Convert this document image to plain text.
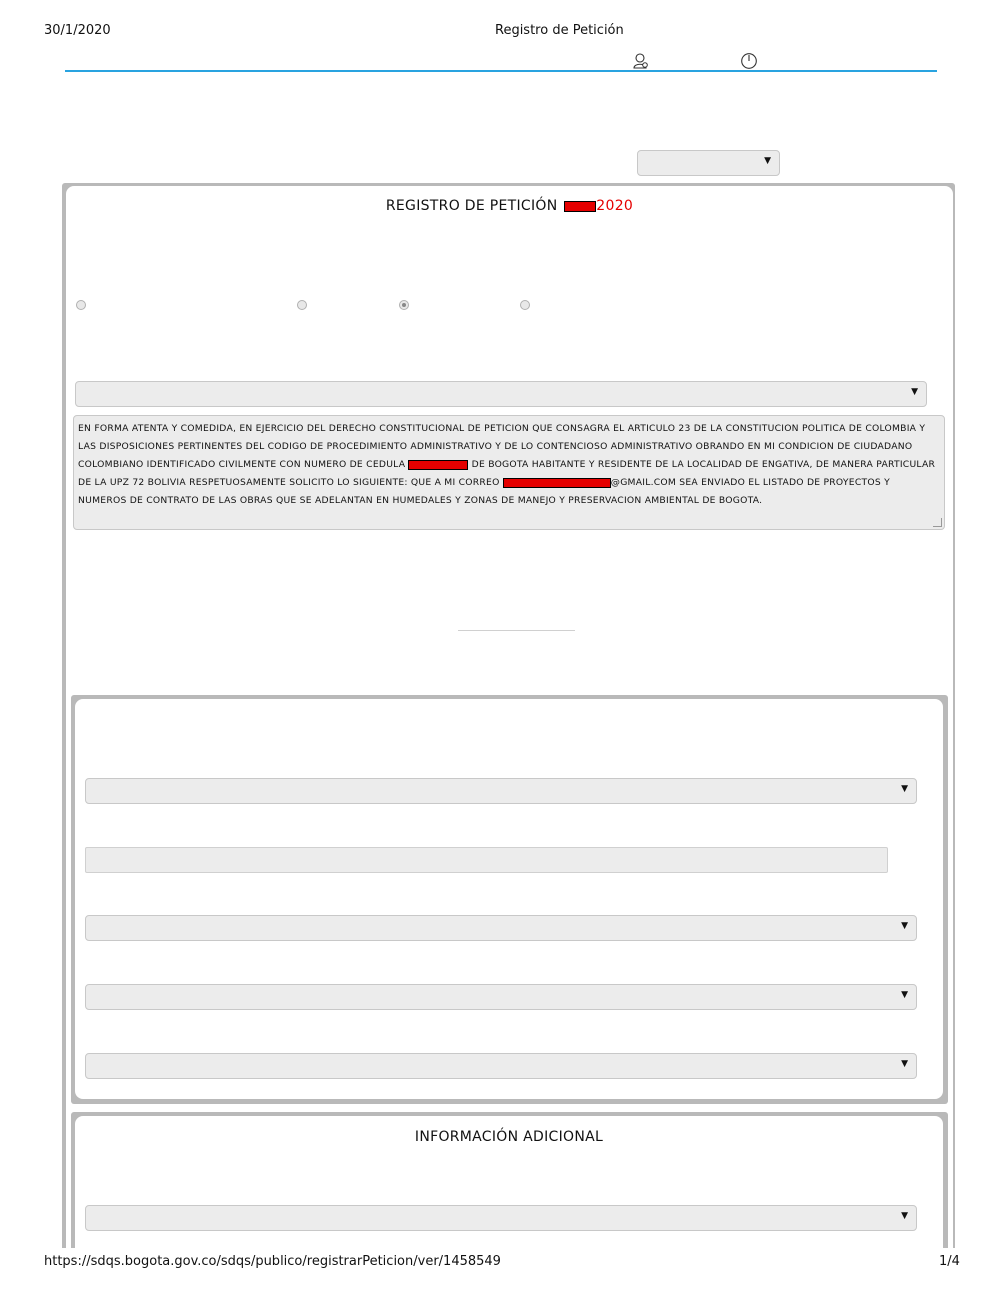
30/1/2020	Registro de Petición
▼
REGISTRO DE PETICIÓN	2020
▼
EN FORMA ATENTA Y COMEDIDA, EN EJERCICIO DEL DERECHO CONSTITUCIONAL DE PETICION QUE CONSAGRA EL ARTICULO 23 DE LA CONSTITUCION POLITICA DE COLOMBIA Y LAS DISPOSICIONES PERTINENTES DEL CODIGO DE PROCEDIMIENTO ADMINISTRATIVO Y DE LO CONTENCIOSO ADMINISTRATIVO OBRANDO EN MI CONDICION DE CIUDADANO COLOMBIANO IDENTIFICADO CIVILMENTE CON NUMERO DE CEDULA	DE BOGOTA HABITANTE Y RESIDENTE DE LA LOCALIDAD DE ENGATIVA, DE MANERA PARTICULAR DE LA UPZ 72 BOLIVIA RESPETUOSAMENTE SOLICITO LO SIGUIENTE: QUE A MI CORREO	@GMAIL.COM SEA ENVIADO EL LISTADO DE PROYECTOS Y NUMEROS DE CONTRATO DE LAS OBRAS QUE SE ADELANTAN EN HUMEDALES Y ZONAS DE MANEJO Y PRESERVACION AMBIENTAL DE BOGOTA.
▼
▼
▼
▼
INFORMACIÓN ADICIONAL
▼
https://sdqs.bogota.gov.co/sdqs/publico/registrarPeticion/ver/1458549	1/4
